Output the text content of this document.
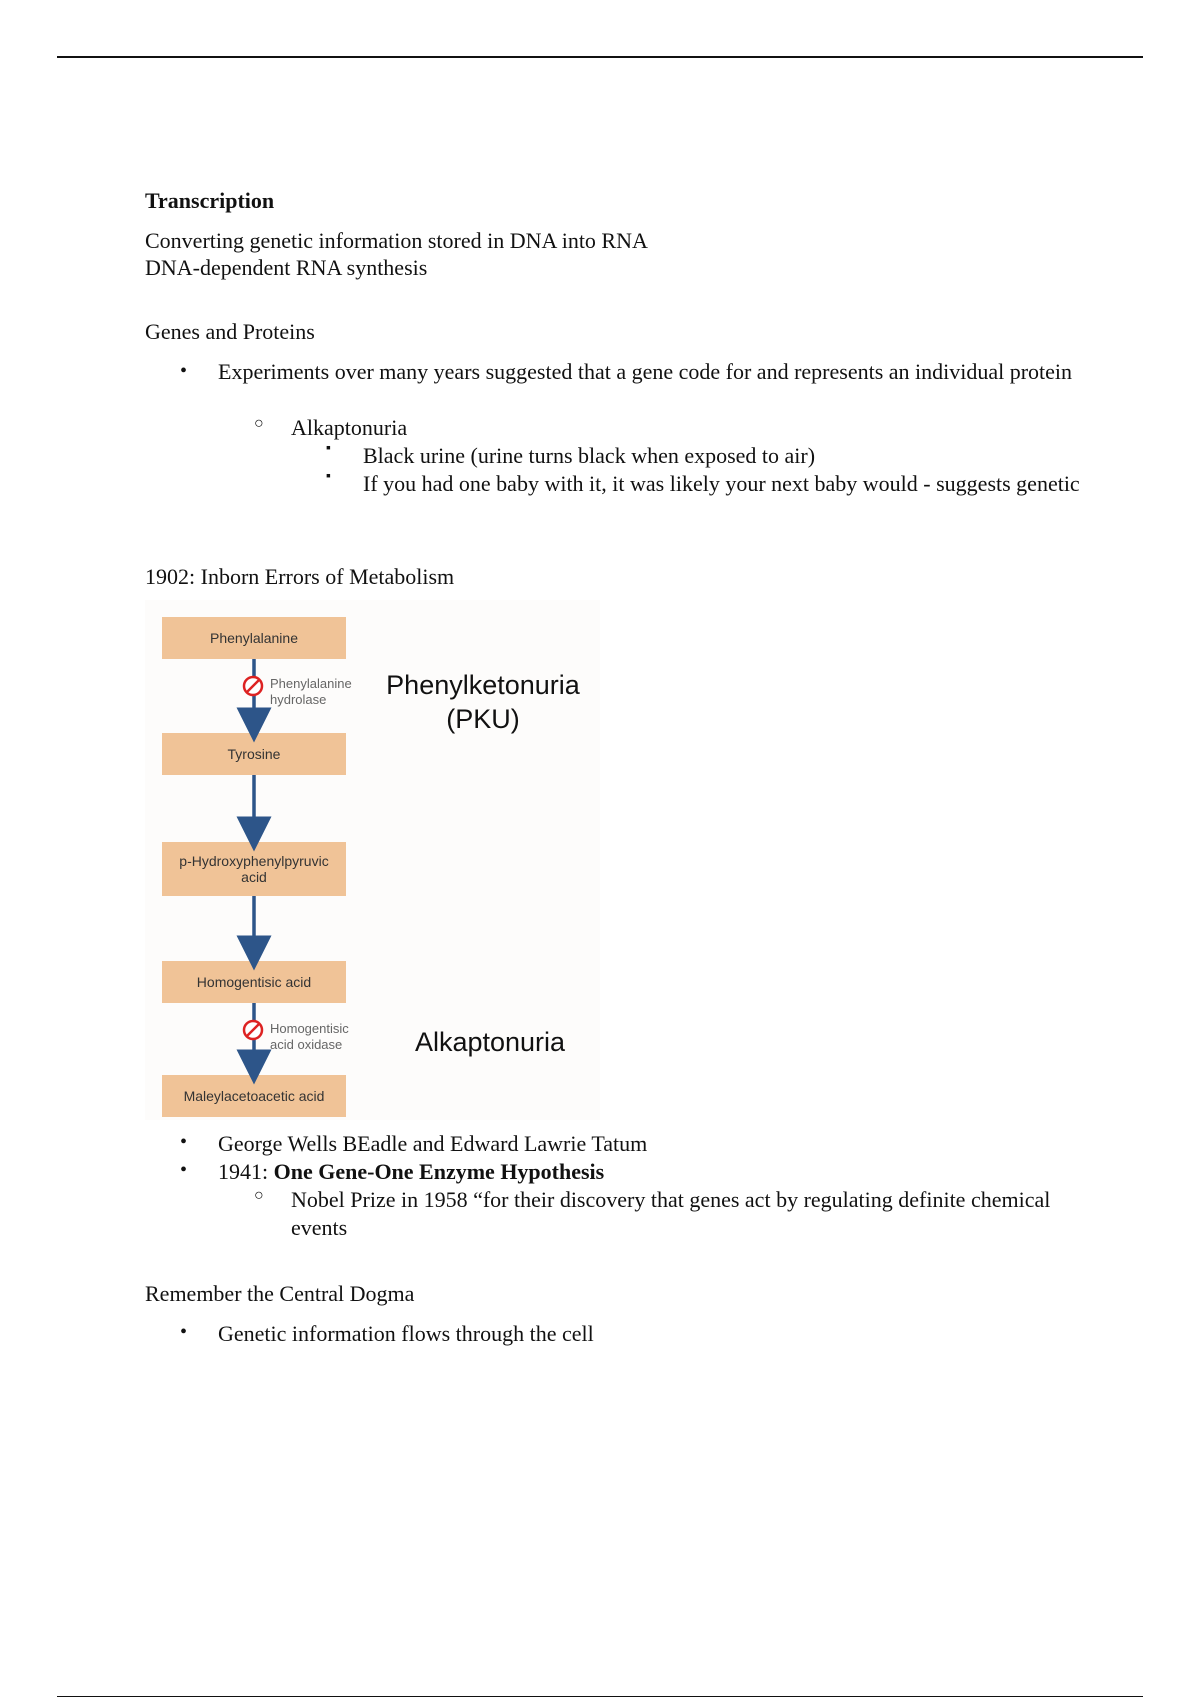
Transcription
Converting genetic information stored in DNA into RNA
DNA-dependent RNA synthesis
Genes and Proteins
• Experiments over many years suggested that a gene code for and represents an individual protein
○ Alkaptonuria
▪ Black urine (urine turns black when exposed to air)
▪ If you had one baby with it, it was likely your next baby would - suggests genetic
1902: Inborn Errors of Metabolism
Phenylalanine
Tyrosine
p-Hydroxyphenylpyruvic acid
Homogentisic acid
Maleylacetoacetic acid
Phenylalanine hydrolase
Homogentisic acid oxidase
Phenylketonuria (PKU)
Alkaptonuria
• George Wells BEadle and Edward Lawrie Tatum
• 1941: One Gene-One Enzyme Hypothesis
○ Nobel Prize in 1958 “for their discovery that genes act by regulating definite chemical events
Remember the Central Dogma
• Genetic information flows through the cell
